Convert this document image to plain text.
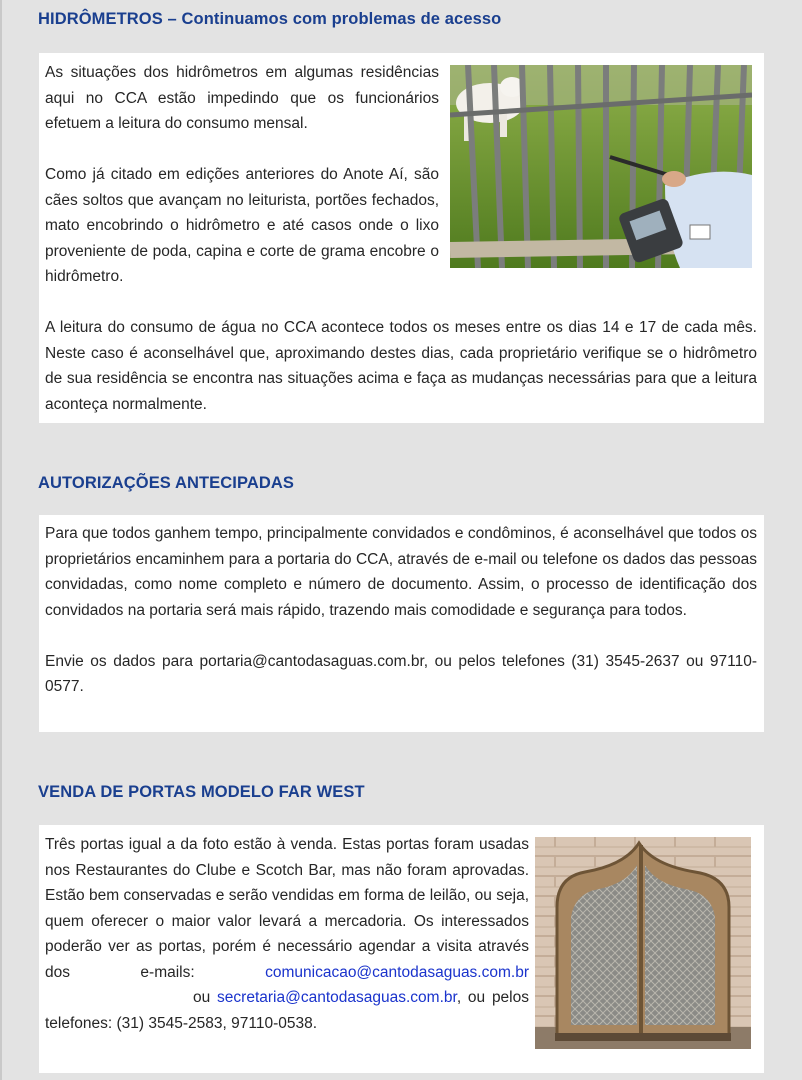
HIDRÔMETROS – Continuamos com problemas de acesso

As situações dos hidrômetros em algumas residências aqui no CCA estão impedindo que os funcionários efetuem a leitura do consumo mensal.

Como já citado em edições anteriores do Anote Aí, são cães soltos que avançam no leiturista, portões fechados, mato encobrindo o hidrômetro e até casos onde o lixo proveniente de poda, capina e corte de grama encobre o hidrômetro.

A leitura do consumo de água no CCA acontece todos os meses entre os dias 14 e 17 de cada mês. Neste caso é aconselhável que, aproximando destes dias, cada proprietário verifique se o hidrômetro de sua residência se encontra nas situações acima e faça as mudanças necessárias para que a leitura aconteça normalmente.

AUTORIZAÇÕES ANTECIPADAS

Para que todos ganhem tempo, principalmente convidados e condôminos, é aconselhável que todos os proprietários encaminhem para a portaria do CCA, através de e-mail ou telefone os dados das pessoas convidadas, como nome completo e número de documento. Assim, o processo de identificação dos convidados na portaria será mais rápido, trazendo mais comodidade e segurança para todos.

Envie os dados para portaria@cantodasaguas.com.br, ou pelos telefones (31) 3545-2637 ou 97110-0577.

VENDA DE PORTAS MODELO FAR WEST

Três portas igual a da foto estão à venda. Estas portas foram usadas nos Restaurantes do Clube e Scotch Bar, mas não foram aprovadas. Estão bem conservadas e serão vendidas em forma de leilão, ou seja, quem oferecer o maior valor levará a mercadoria. Os interessados poderão ver as portas, porém é necessário agendar a visita através dos e-mails:	comunicacao@cantodasaguas.com.brou secretaria@cantodasaguas.com.br, ou pelos telefones: (31) 3545-2583, 97110-0538.
